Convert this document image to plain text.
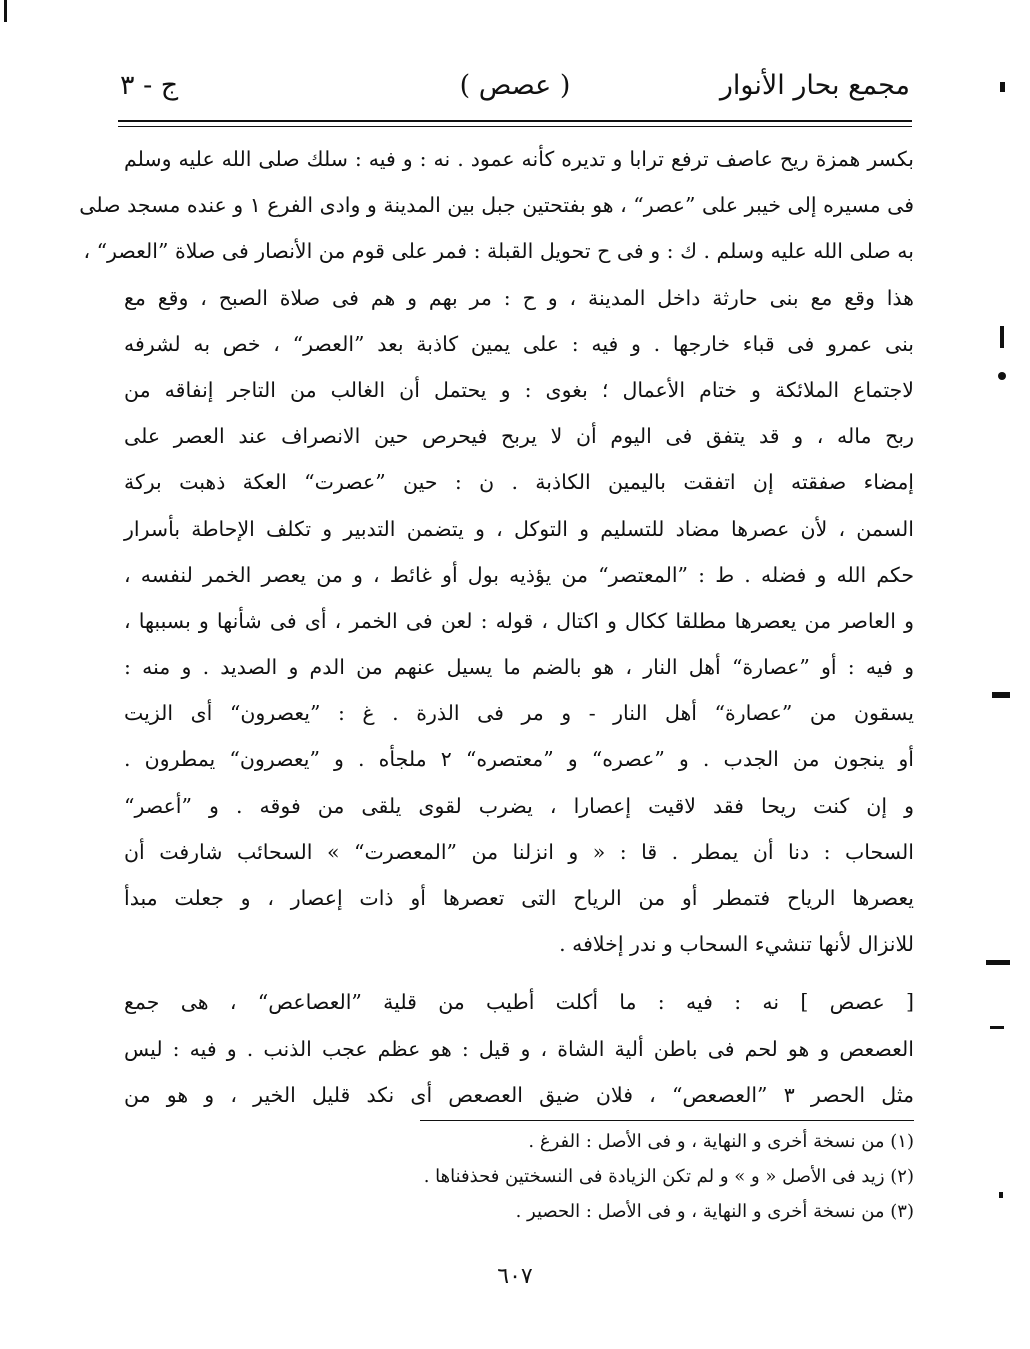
مجمع بحار الأنوار
( عصص )
ج - ٣
بكسر همزة ريح عاصف ترفع ترابا و تديره كأنه عمود . نه : و فيه : سلك صلى الله عليه وسلم
فى مسيره إلى خيبر على ”عصر“ ، هو بفتحتين جبل بين المدينة و وادى الفرع ١ و عنده مسجد صلى
به صلى الله عليه وسلم . ك : و فى ح تحويل القبلة : فمر على قوم من الأنصار فى صلاة ”العصر“ ،
هذا وقع مع بنى حارثة داخل المدينة ، و ح : مر بهم و هم فى صلاة الصبح ، وقع مع
بنى عمرو فى قباء خارجها . و فيه : على يمين كاذبة بعد ”العصر“ ، خص به لشرفه
لاجتماع الملائكة و ختام الأعمال ؛ بغوى : و يحتمل أن الغالب من التاجر إنفاقه من
ربح ماله ، و قد يتفق فى اليوم أن لا يربح فيحرص حين الانصراف عند العصر على
إمضاء صفقته إن اتفقت باليمين الكاذبة . ن : حين ”عصرت“ العكة ذهبت بركة
السمن ، لأن عصرها مضاد للتسليم و التوكل ، و يتضمن التدبير و تكلف الإحاطة بأسرار
حكم الله و فضله . ط : ”المعتصر“ من يؤذيه بول أو غائط ، و من يعصر الخمر لنفسه ،
و العاصر من يعصرها مطلقا ككال و اكتال ، قوله : لعن فى الخمر ، أى فى شأنها و بسببها ،
و فيه : أو ”عصارة“ أهل النار ، هو بالضم ما يسيل عنهم من الدم و الصديد . و منه :
يسقون من ”عصارة“ أهل النار - و مر فى الذرة . غ : ”يعصرون“ أى الزيت
أو ينجون من الجدب . و ”عصره“ و ”معتصره“ ٢ ملجأه . و ”يعصرون“ يمطرون .
و إن كنت ريحا فقد لاقيت إعصارا ، يضرب لقوى يلقى من فوقه . و ”أعصر“
السحاب : دنا أن يمطر . قا : « و انزلنا من ”المعصرت“ » السحائب شارفت أن
يعصرها الرياح فتمطر أو من الرياح التى تعصرها أو ذات إعصار ، و جعلت مبدأ
للانزال لأنها تنشيء السحاب و ندر إخلافه .
[ عصص ] نه : فيه : ما أكلت أطيب من قلية ”العصاعص“ ، هى جمع
العصعص و هو لحم فى باطن ألية الشاة ، و قيل : هو عظم عجب الذنب . و فيه : ليس
مثل الحصر ٣ ”العصعص“ ، فلان ضيق العصعص أى نكد قليل الخير ، و هو من
(١) من نسخة أخرى و النهاية ، و فى الأصل : الفرغ .
(٢) زيد فى الأصل « و » و لم تكن الزيادة فى النسختين فحذفناها .
(٣) من نسخة أخرى و النهاية ، و فى الأصل : الحصير .
٦٠٧
